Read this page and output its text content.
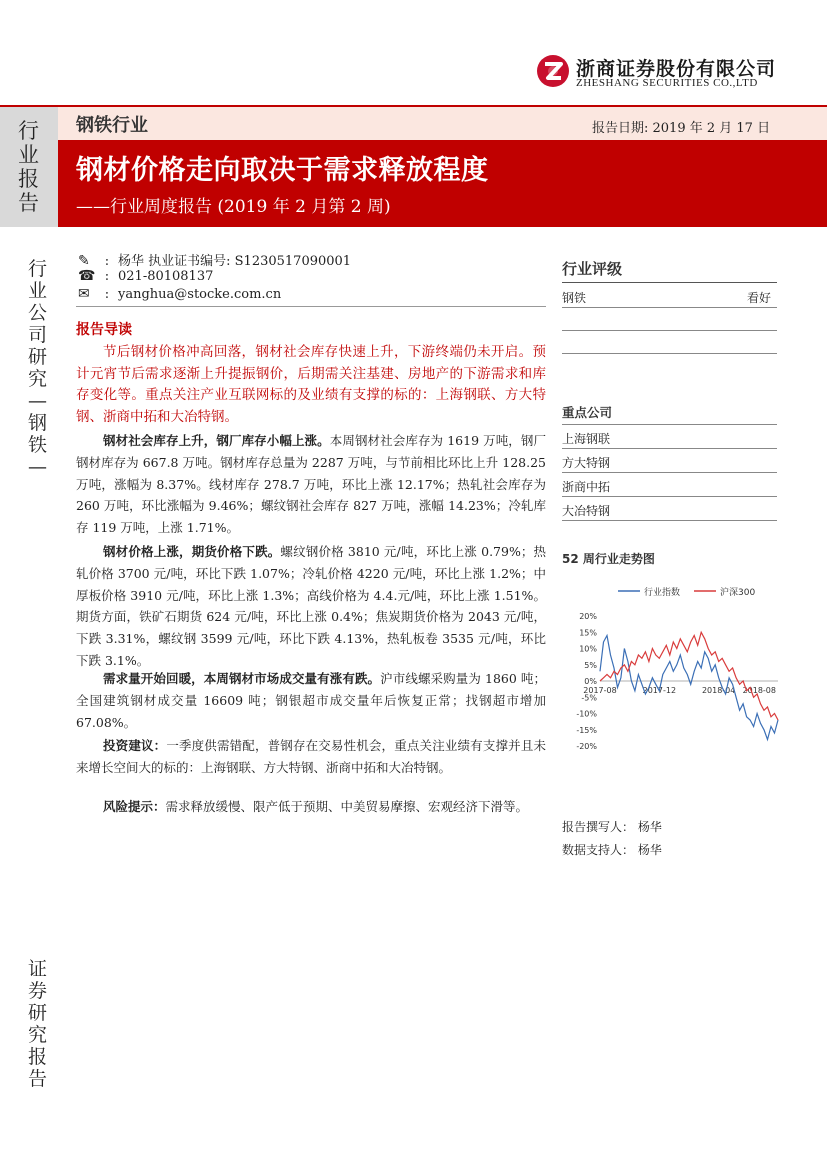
浙商证券股份有限公司
ZHESHANG SECURITIES CO.,LTD
行业报告
钢铁行业	报告日期: 2019 年 2 月 17 日
钢材价格走向取决于需求释放程度
——行业周度报告 (2019 年 2 月第 2 周)
行业公司研究—钢铁—
证券研究报告
✎ : 杨华 执业证书编号: S1230517090001
☎ : 021-80108137
✉ : yanghua@stocke.com.cn
报告导读
节后钢材价格冲高回落，钢材社会库存快速上升，下游终端仍未开启。预计元宵节后需求逐渐上升提振钢价，后期需关注基建、房地产的下游需求和库存变化等。重点关注产业互联网标的及业绩有支撑的标的：上海钢联、方大特钢、浙商中拓和大冶特钢。
钢材社会库存上升，钢厂库存小幅上涨。本周钢材社会库存为 1619 万吨，钢厂钢材库存为 667.8 万吨。钢材库存总量为 2287 万吨，与节前相比环比上升 128.25 万吨，涨幅为 8.37%。线材库存 278.7 万吨，环比上涨 12.17%；热轧社会库存为 260 万吨，环比涨幅为 9.46%；螺纹钢社会库存 827 万吨，涨幅 14.23%；冷轧库存 119 万吨，上涨 1.71%。
钢材价格上涨，期货价格下跌。螺纹钢价格 3810 元/吨，环比上涨 0.79%；热轧价格 3700 元/吨，环比下跌 1.07%；冷轧价格 4220 元/吨，环比上涨 1.2%；中厚板价格 3910 元/吨，环比上涨 1.3%；高线价格为 4.4.元/吨，环比上涨 1.51%。期货方面，铁矿石期货 624 元/吨，环比上涨 0.4%；焦炭期货价格为 2043 元/吨，下跌 3.31%，螺纹钢 3599 元/吨，环比下跌 4.13%，热轧板卷 3535 元/吨，环比下跌 3.1%。
需求量开始回暖，本周钢材市场成交量有涨有跌。沪市线螺采购量为 1860 吨；全国建筑钢材成交量 16609 吨；钢银超市成交量年后恢复正常；找钢超市增加 67.08%。
投资建议：一季度供需错配，普钢存在交易性机会，重点关注业绩有支撑并且未来增长空间大的标的：上海钢联、方大特钢、浙商中拓和大冶特钢。
风险提示：需求释放缓慢、限产低于预期、中美贸易摩擦、宏观经济下滑等。
行业评级
钢铁	看好
重点公司
上海钢联
方大特钢
浙商中拓
大冶特钢
52 周行业走势图
行业指数	沪深300
20%
15%
10%
5%
0%
-5%
-10%
-15%
-20%
2017-08	2017-12	2018-04 2018-08
报告撰写人： 杨华
数据支持人： 杨华
